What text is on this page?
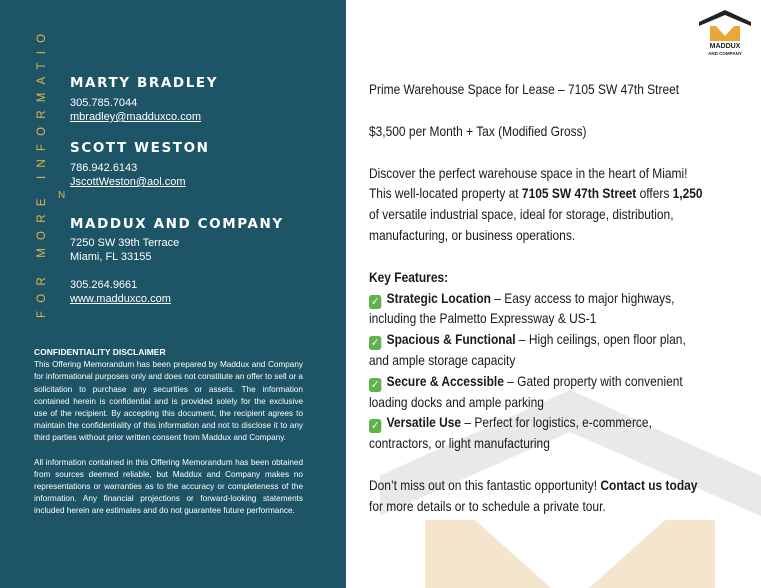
FOR MORE INFORMATIO N
MARTY BRADLEY
305.785.7044
mbradley@madduxco.com
SCOTT WESTON
786.942.6143
JscottWeston@aol.com
MADDUX AND COMPANY
7250 SW 39th Terrace
Miami, FL 33155
305.264.9661
www.madduxco.com
CONFIDENTIALITY DISCLAIMER

This Offering Memorandum has been prepared by Maddux and Company for informational purposes only and does not constitute an offer to sell or a solicitation to purchase any securities or assets. The information contained herein is confidential and is provided solely for the exclusive use of the recipient. By accepting this document, the recipient agrees to maintain the confidentiality of this information and not to disclose it to any third parties without prior written consent from Maddux and Company.

All information contained in this Offering Memorandum has been obtained from sources deemed reliable, but Maddux and Company makes no representations or warranties as to the accuracy or completeness of the information. Any financial projections or forward-looking statements included herein are estimates and do not guarantee future performance.

MADDUX
AND COMPANY

Prime Warehouse Space for Lease – 7105 SW 47th Street

$3,500 per Month + Tax (Modified Gross)

Discover the perfect warehouse space in the heart of Miami! This well-located property at 7105 SW 47th Street offers 1,250 of versatile industrial space, ideal for storage, distribution, manufacturing, or business operations.

Key Features:

✓ Strategic Location – Easy access to major highways, including the Palmetto Expressway & US-1

✓ Spacious & Functional – High ceilings, open floor plan, and ample storage capacity

✓ Secure & Accessible – Gated property with convenient loading docks and ample parking

✓ Versatile Use – Perfect for logistics, e-commerce, contractors, or light manufacturing

Don’t miss out on this fantastic opportunity! Contact us today for more details or to schedule a private tour.
